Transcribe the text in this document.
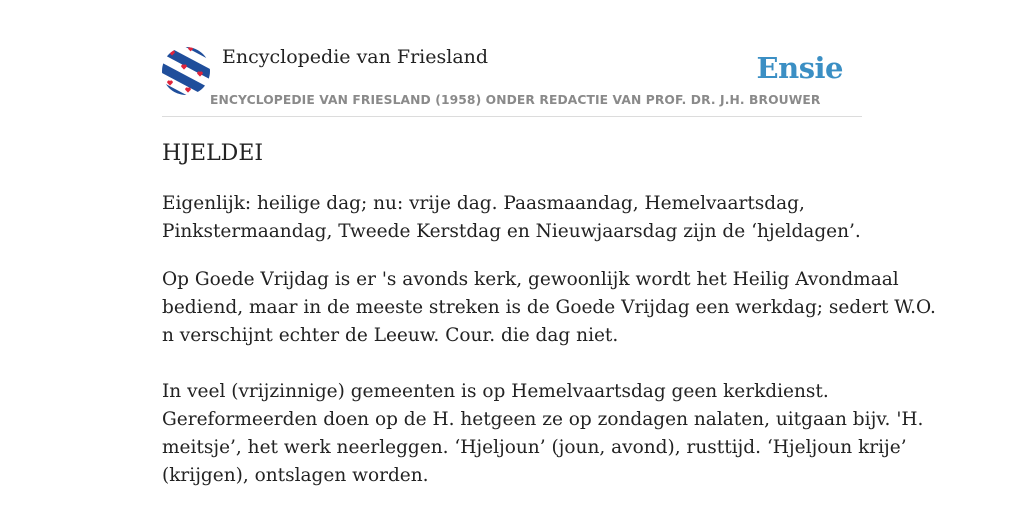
Encyclopedie van Friesland
ENCYCLOPEDIE VAN FRIESLAND (1958) ONDER REDACTIE VAN PROF. DR. J.H. BROUWER
Ensie
HJELDEI

Eigenlijk: heilige dag; nu: vrije dag. Paasmaandag, Hemelvaartsdag,
Pinkstermaandag, Tweede Kerstdag en Nieuwjaarsdag zijn de ‘hjeldagen’.

Op Goede Vrijdag is er 's avonds kerk, gewoonlijk wordt het Heilig Avondmaal
bediend, maar in de meeste streken is de Goede Vrijdag een werkdag; sedert W.O.
n verschijnt echter de Leeuw. Cour. die dag niet.
In veel (vrijzinnige) gemeenten is op Hemelvaartsdag geen kerkdienst.
Gereformeerden doen op de H. hetgeen ze op zondagen nalaten, uitgaan bijv. 'H.
meitsje’, het werk neerleggen. ‘Hjeljoun’ (joun, avond), rusttijd. ‘Hjeljoun krije’
(krijgen), ontslagen worden.
